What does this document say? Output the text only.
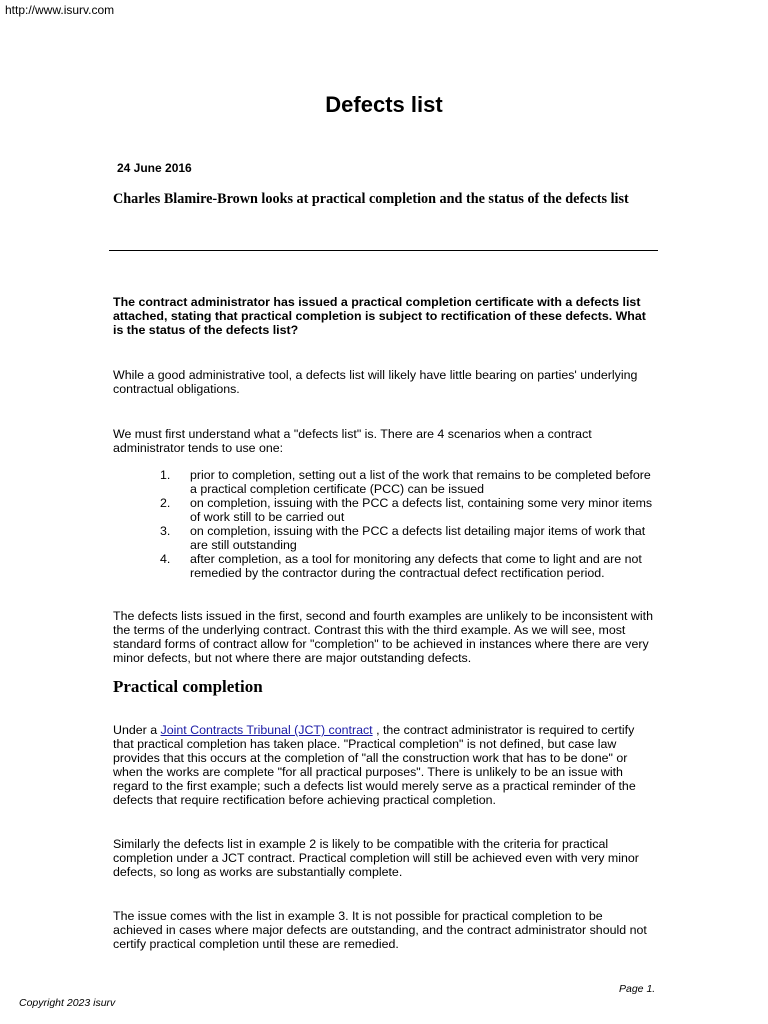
http://www.isurv.com
Defects list
24 June 2016
Charles Blamire-Brown looks at practical completion and the status of the defects list
The contract administrator has issued a practical completion certificate with a defects list attached, stating that practical completion is subject to rectification of these defects. What is the status of the defects list?
While a good administrative tool, a defects list will likely have little bearing on parties' underlying contractual obligations.
We must first understand what a "defects list" is. There are 4 scenarios when a contract administrator tends to use one:
1. prior to completion, setting out a list of the work that remains to be completed before a practical completion certificate (PCC) can be issued
2. on completion, issuing with the PCC a defects list, containing some very minor items of work still to be carried out
3. on completion, issuing with the PCC a defects list detailing major items of work that are still outstanding
4. after completion, as a tool for monitoring any defects that come to light and are not remedied by the contractor during the contractual defect rectification period.
The defects lists issued in the first, second and fourth examples are unlikely to be inconsistent with the terms of the underlying contract. Contrast this with the third example. As we will see, most standard forms of contract allow for "completion" to be achieved in instances where there are very minor defects, but not where there are major outstanding defects.
Practical completion
Under a Joint Contracts Tribunal (JCT) contract , the contract administrator is required to certify that practical completion has taken place. "Practical completion" is not defined, but case law provides that this occurs at the completion of "all the construction work that has to be done" or when the works are complete "for all practical purposes". There is unlikely to be an issue with regard to the first example; such a defects list would merely serve as a practical reminder of the defects that require rectification before achieving practical completion.
Similarly the defects list in example 2 is likely to be compatible with the criteria for practical completion under a JCT contract. Practical completion will still be achieved even with very minor defects, so long as works are substantially complete.
The issue comes with the list in example 3. It is not possible for practical completion to be achieved in cases where major defects are outstanding, and the contract administrator should not certify practical completion until these are remedied.
Page 1.
Copyright 2023 isurv
